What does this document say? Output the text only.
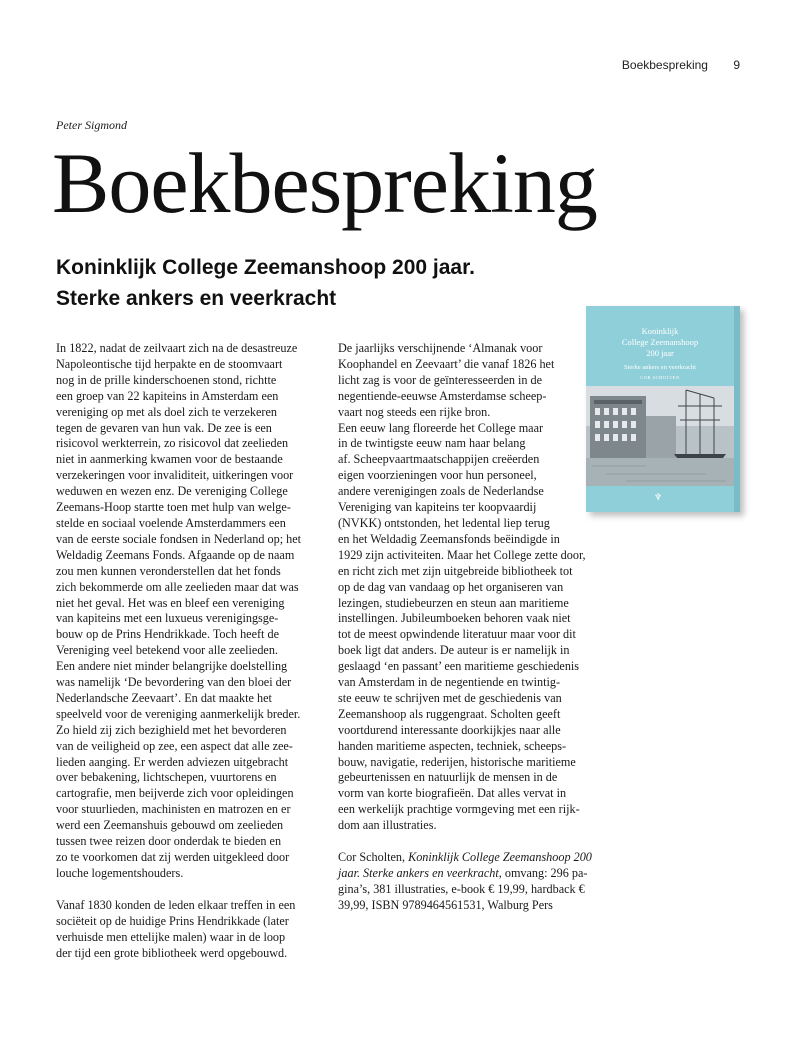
Boekbespreking 9
Peter Sigmond
Boekbespreking
Koninklijk College Zeemanshoop 200 jaar.
Sterke ankers en veerkracht
In 1822, nadat de zeilvaart zich na de desastreuze
Napoleontische tijd herpakte en de stoomvaart
nog in de prille kinderschoenen stond, richtte
een groep van 22 kapiteins in Amsterdam een
vereniging op met als doel zich te verzekeren
tegen de gevaren van hun vak. De zee is een
risicovol werkterrein, zo risicovol dat zeelieden
niet in aanmerking kwamen voor de bestaande
verzekeringen voor invaliditeit, uitkeringen voor
weduwen en wezen enz. De vereniging College
Zeemans-Hoop startte toen met hulp van welge-
stelde en sociaal voelende Amsterdammers een
van de eerste sociale fondsen in Nederland op; het
Weldadig Zeemans Fonds. Afgaande op de naam
zou men kunnen veronderstellen dat het fonds
zich bekommerde om alle zeelieden maar dat was
niet het geval. Het was en bleef een vereniging
van kapiteins met een luxueus verenigingsge-
bouw op de Prins Hendrikkade. Toch heeft de
Vereniging veel betekend voor alle zeelieden.
Een andere niet minder belangrijke doelstelling
was namelijk ‘De bevordering van den bloei der
Nederlandsche Zeevaart’. En dat maakte het
speelveld voor de vereniging aanmerkelijk breder.
Zo hield zij zich bezighield met het bevorderen
van de veiligheid op zee, een aspect dat alle zee-
lieden aanging. Er werden adviezen uitgebracht
over bebakening, lichtschepen, vuurtorens en
cartografie, men beijverde zich voor opleidingen
voor stuurlieden, machinisten en matrozen en er
werd een Zeemanshuis gebouwd om zeelieden
tussen twee reizen door onderdak te bieden en
zo te voorkomen dat zij werden uitgekleed door
louche logementshouders.
Vanaf 1830 konden de leden elkaar treffen in een
sociëteit op de huidige Prins Hendrikkade (later
verhuisde men ettelijke malen) waar in de loop
der tijd een grote bibliotheek werd opgebouwd.
De jaarlijks verschijnende ‘Almanak voor
Koophandel en Zeevaart’ die vanaf 1826 het
licht zag is voor de geïnteresseerden in de
negentiende-eeuwse Amsterdamse scheep-
vaart nog steeds een rijke bron.
Een eeuw lang floreerde het College maar
in de twintigste eeuw nam haar belang
af. Scheepvaartmaatschappijen creëerden
eigen voorzieningen voor hun personeel,
andere verenigingen zoals de Nederlandse
Vereniging van kapiteins ter koopvaardij
(NVKK) ontstonden, het ledental liep terug
en het Weldadig Zeemansfonds beëindigde in
1929 zijn activiteiten. Maar het College zette door,
en richt zich met zijn uitgebreide bibliotheek tot
op de dag van vandaag op het organiseren van
lezingen, studiebeurzen en steun aan maritieme
instellingen. Jubileumboeken behoren vaak niet
tot de meest opwindende literatuur maar voor dit
boek ligt dat anders. De auteur is er namelijk in
geslaagd ‘en passant’ een maritieme geschiedenis
van Amsterdam in de negentiende en twintig-
ste eeuw te schrijven met de geschiedenis van
Zeemanshoop als ruggengraat. Scholten geeft
voortdurend interessante doorkijkjes naar alle
handen maritieme aspecten, techniek, scheeps-
bouw, navigatie, rederijen, historische maritieme
gebeurtenissen en natuurlijk de mensen in de
vorm van korte biografieën. Dat alles vervat in
een werkelijk prachtige vormgeving met een rijk-
dom aan illustraties.
Cor Scholten, Koninklijk College Zeemanshoop 200
jaar. Sterke ankers en veerkracht, omvang: 296 pa-
gina’s, 381 illustraties, e-book € 19,99, hardback €
39,99, ISBN 9789464561531, Walburg Pers
Koninklijk
College Zeemanshoop
200 jaar
Sterke ankers en veerkracht
COR SCHOLTEN
♆
